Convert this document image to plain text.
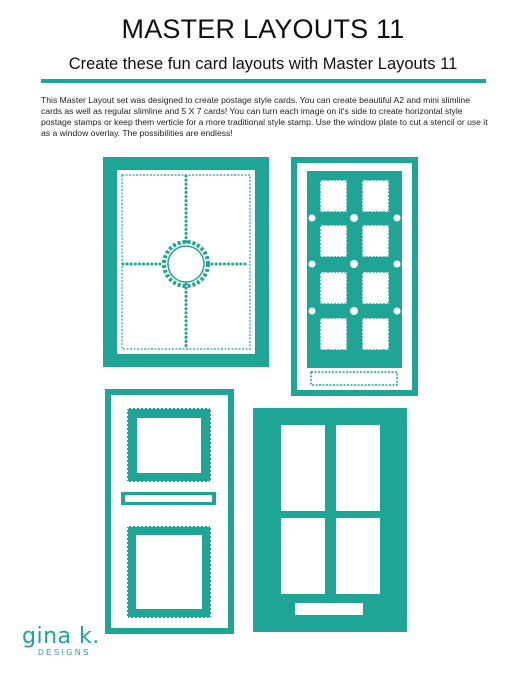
MASTER LAYOUTS 11
Create these fun card layouts with Master Layouts 11
This Master Layout set was designed to create postage style cards. You can create beautiful A2 and mini slimline cards as well as regular slimline and 5 X 7 cards! You can turn each image on it's side to create horizontal style postage stamps or keep them verticle for a more traditional style stamp. Use the window plate to cut a stencil or use it as a window overlay. The possibilities are endless!
gina k.
DESIGNS
